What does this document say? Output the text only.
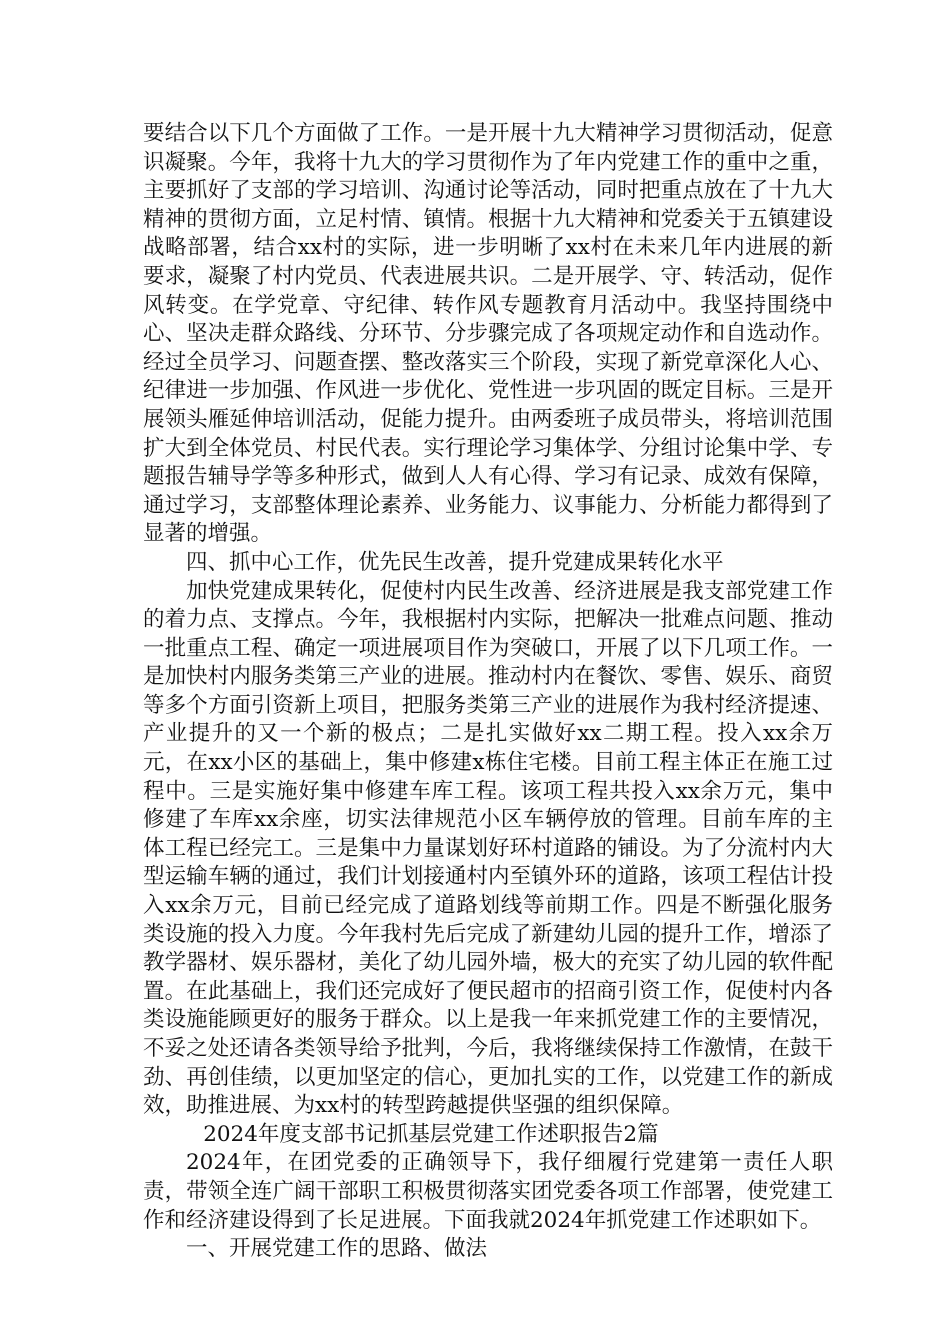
要结合以下几个方面做了工作。一是开展十九大精神学习贯彻活动，促意识凝聚。今年，我将十九大的学习贯彻作为了年内党建工作的重中之重，主要抓好了支部的学习培训、沟通讨论等活动，同时把重点放在了十九大精神的贯彻方面，立足村情、镇情。根据十九大精神和党委关于五镇建设战略部署，结合xx村的实际，进一步明晰了xx村在未来几年内进展的新要求，凝聚了村内党员、代表进展共识。二是开展学、守、转活动，促作风转变。在学党章、守纪律、转作风专题教育月活动中。我坚持围绕中心、坚决走群众路线、分环节、分步骤完成了各项规定动作和自选动作。经过全员学习、问题查摆、整改落实三个阶段，实现了新党章深化人心、纪律进一步加强、作风进一步优化、党性进一步巩固的既定目标。三是开展领头雁延伸培训活动，促能力提升。由两委班子成员带头，将培训范围扩大到全体党员、村民代表。实行理论学习集体学、分组讨论集中学、专题报告辅导学等多种形式，做到人人有心得、学习有记录、成效有保障，通过学习，支部整体理论素养、业务能力、议事能力、分析能力都得到了显著的增强。

四、抓中心工作，优先民生改善，提升党建成果转化水平

加快党建成果转化，促使村内民生改善、经济进展是我支部党建工作的着力点、支撑点。今年，我根据村内实际，把解决一批难点问题、推动一批重点工程、确定一项进展项目作为突破口，开展了以下几项工作。一是加快村内服务类第三产业的进展。推动村内在餐饮、零售、娱乐、商贸等多个方面引资新上项目，把服务类第三产业的进展作为我村经济提速、产业提升的又一个新的极点；二是扎实做好xx二期工程。投入xx余万元，在xx小区的基础上，集中修建x栋住宅楼。目前工程主体正在施工过程中。三是实施好集中修建车库工程。该项工程共投入xx余万元，集中修建了车库xx余座，切实法律规范小区车辆停放的管理。目前车库的主体工程已经完工。三是集中力量谋划好环村道路的铺设。为了分流村内大型运输车辆的通过，我们计划接通村内至镇外环的道路，该项工程估计投入xx余万元，目前已经完成了道路划线等前期工作。四是不断强化服务类设施的投入力度。今年我村先后完成了新建幼儿园的提升工作，增添了教学器材、娱乐器材，美化了幼儿园外墙，极大的充实了幼儿园的软件配置。在此基础上，我们还完成好了便民超市的招商引资工作，促使村内各类设施能顾更好的服务于群众。以上是我一年来抓党建工作的主要情况，不妥之处还请各类领导给予批判，今后，我将继续保持工作激情，在鼓干劲、再创佳绩，以更加坚定的信心，更加扎实的工作，以党建工作的新成效，助推进展、为xx村的转型跨越提供坚强的组织保障。

2024年度支部书记抓基层党建工作述职报告2篇

2024年，在团党委的正确领导下，我仔细履行党建第一责任人职责，带领全连广阔干部职工积极贯彻落实团党委各项工作部署，使党建工作和经济建设得到了长足进展。下面我就2024年抓党建工作述职如下。

一、开展党建工作的思路、做法
